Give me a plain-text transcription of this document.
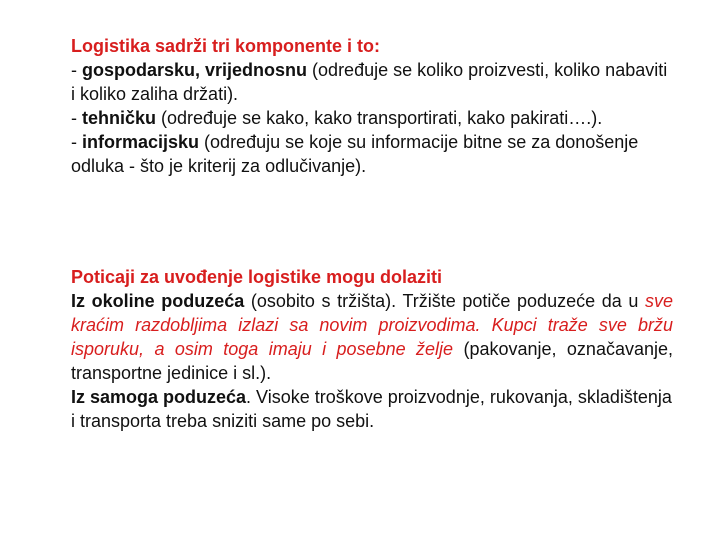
Logistika sadrži tri komponente i to:

- gospodarsku, vrijednosnu (određuje se koliko proizvesti, koliko nabaviti i koliko zaliha držati).

- tehničku (određuje se kako, kako transportirati, kako pakirati….).

- informacijsku (određuju se koje su informacije bitne se za donošenje odluka - što je kriterij za odlučivanje).

Poticaji za uvođenje logistike mogu dolaziti

Iz okoline poduzeća (osobito s tržišta). Tržište potiče poduzeće da u sve kraćim razdobljima izlazi sa novim proizvodima. Kupci traže sve bržu isporuku, a osim toga imaju i posebne želje (pakovanje, označavanje, transportne jedinice i sl.).

Iz samoga poduzeća. Visoke troškove proizvodnje, rukovanja, skladištenja i transporta treba sniziti same po sebi.
